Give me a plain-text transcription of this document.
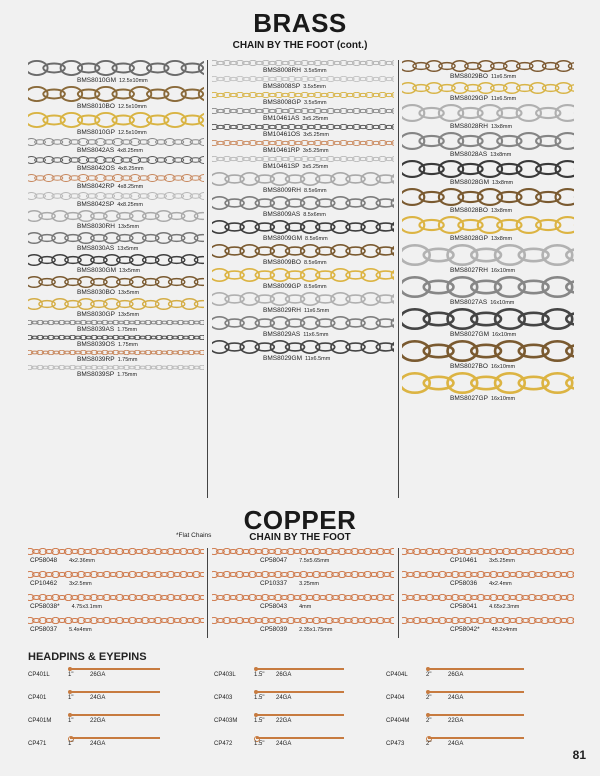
BRASS
CHAIN BY THE FOOT (cont.)
BMS8010GM 12.5x10mm
BMS8010BO 12.5x10mm
BMS8010GP 12.5x10mm
BMS8042AS 4x8.25mm
BMS8042OS 4x8.25mm
BMS8042RP 4x8.25mm
BMS8042SP 4x8.25mm
BMS8030RH 13x5mm
BMS8030AS 13x5mm
BMS8030GM 13x5mm
BMS8030BO 13x5mm
BMS8030GP 13x5mm
BMS8039AS 1.75mm
BMS8039OS 1.75mm
BMS8039RP 1.75mm
BMS8039SP 1.75mm
BMS8008RH 3.5x5mm
BMS8008SP 3.5x5mm
BMS8008GP 3.5x5mm
BM10461AS 3x5.25mm
BM10461OS 3x5.25mm
BM10461RP 3x5.25mm
BM10461SP 3x5.25mm
BMS8009RH 8.5x6mm
BMS8009AS 8.5x6mm
BMS8009GM 8.5x6mm
BMS8009BO 8.5x6mm
BMS8009GP 8.5x6mm
BMS8029RH 11x6.5mm
BMS8029AS 11x6.5mm
BMS8029GM 11x6.5mm
BMS8029BO 11x6.5mm
BMS8029GP 11x6.5mm
BMS8028RH 13x8mm
BMS8028AS 13x8mm
BMS8028GM 13x8mm
BMS8028BO 13x8mm
BMS8028GP 13x8mm
BMS8027RH 16x10mm
BMS8027AS 16x10mm
BMS8027GM 16x10mm
BMS8027BO 16x10mm
BMS8027GP 16x10mm
COPPER
*Flat Chains	CHAIN BY THE FOOT
CP58048 4x2.36mm
CP10462 3x2.5mm
CP58038* 4.75x3.1mm
CP58037 5.4x4mm
CP58047 7.5x5.65mm
CP10337 3.25mm
CP58043 4mm
CP58039 2.35x1.75mm
CP10461 3x5.25mm
CP58036 4x2.4mm
CP58041 4.65x2.3mm
CP58042* 48.2x4mm
HEADPINS & EYEPINS
CP401L	1"	26GA
CP401	1"	24GA
CP401M	1"	22GA
CP471	1"	24GA
CP403L	1.5" 26GA
CP403	1.5" 24GA
CP403M	1.5" 22GA
CP472	1.5" 24GA
CP404L	2"	26GA
CP404	2"	24GA
CP404M	2"	22GA
CP473	2"	24GA
81
